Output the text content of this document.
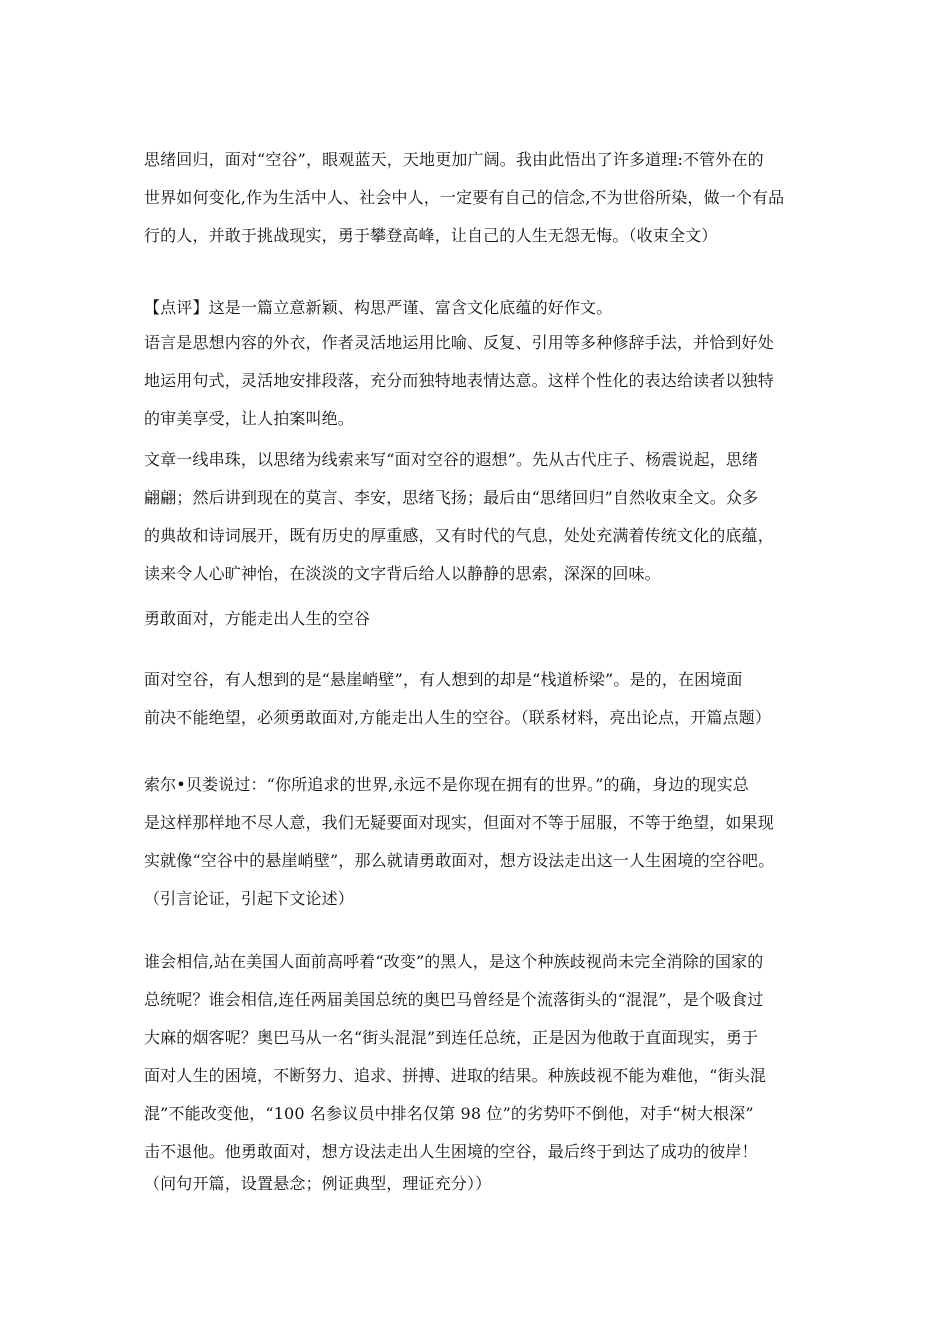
思绪回归，面对“空谷”，眼观蓝天，天地更加广阔。我由此悟出了许多道理:不管外在的
世界如何变化,作为生活中人、社会中人，一定要有自己的信念,不为世俗所染，做一个有品
行的人，并敢于挑战现实，勇于攀登高峰，让自己的人生无怨无悔。（收束全文）
【点评】这是一篇立意新颖、构思严谨、富含文化底蕴的好作文。
语言是思想内容的外衣，作者灵活地运用比喻、反复、引用等多种修辞手法，并恰到好处
地运用句式，灵活地安排段落，充分而独特地表情达意。这样个性化的表达给读者以独特
的审美享受，让人拍案叫绝。
文章一线串珠，以思绪为线索来写“面对空谷的遐想”。先从古代庄子、杨震说起，思绪
翩翩；然后讲到现在的莫言、李安，思绪飞扬；最后由“思绪回归”自然收束全文。众多
的典故和诗词展开，既有历史的厚重感，又有时代的气息，处处充满着传统文化的底蕴，
读来令人心旷神怡，在淡淡的文字背后给人以静静的思索，深深的回味。
勇敢面对，方能走出人生的空谷
面对空谷，有人想到的是“悬崖峭壁”，有人想到的却是“栈道桥梁”。是的，在困境面
前决不能绝望，必须勇敢面对,方能走出人生的空谷。（联系材料，亮出论点，开篇点题）
索尔•贝娄说过：“你所追求的世界,永远不是你现在拥有的世界。”的确，身边的现实总
是这样那样地不尽人意，我们无疑要面对现实，但面对不等于屈服，不等于绝望，如果现
实就像“空谷中的悬崖峭壁”，那么就请勇敢面对，想方设法走出这一人生困境的空谷吧。
（引言论证，引起下文论述）
谁会相信,站在美国人面前高呼着“改变”的黑人，是这个种族歧视尚未完全消除的国家的
总统呢？谁会相信,连任两届美国总统的奥巴马曾经是个流落街头的“混混”，是个吸食过
大麻的烟客呢？奥巴马从一名“街头混混”到连任总统，正是因为他敢于直面现实，勇于
面对人生的困境，不断努力、追求、拼搏、进取的结果。种族歧视不能为难他，“街头混
混”不能改变他，“100 名参议员中排名仅第 98 位”的劣势吓不倒他，对手“树大根深”
击不退他。他勇敢面对，想方设法走出人生困境的空谷，最后终于到达了成功的彼岸！
（问句开篇，设置悬念；例证典型，理证充分））
